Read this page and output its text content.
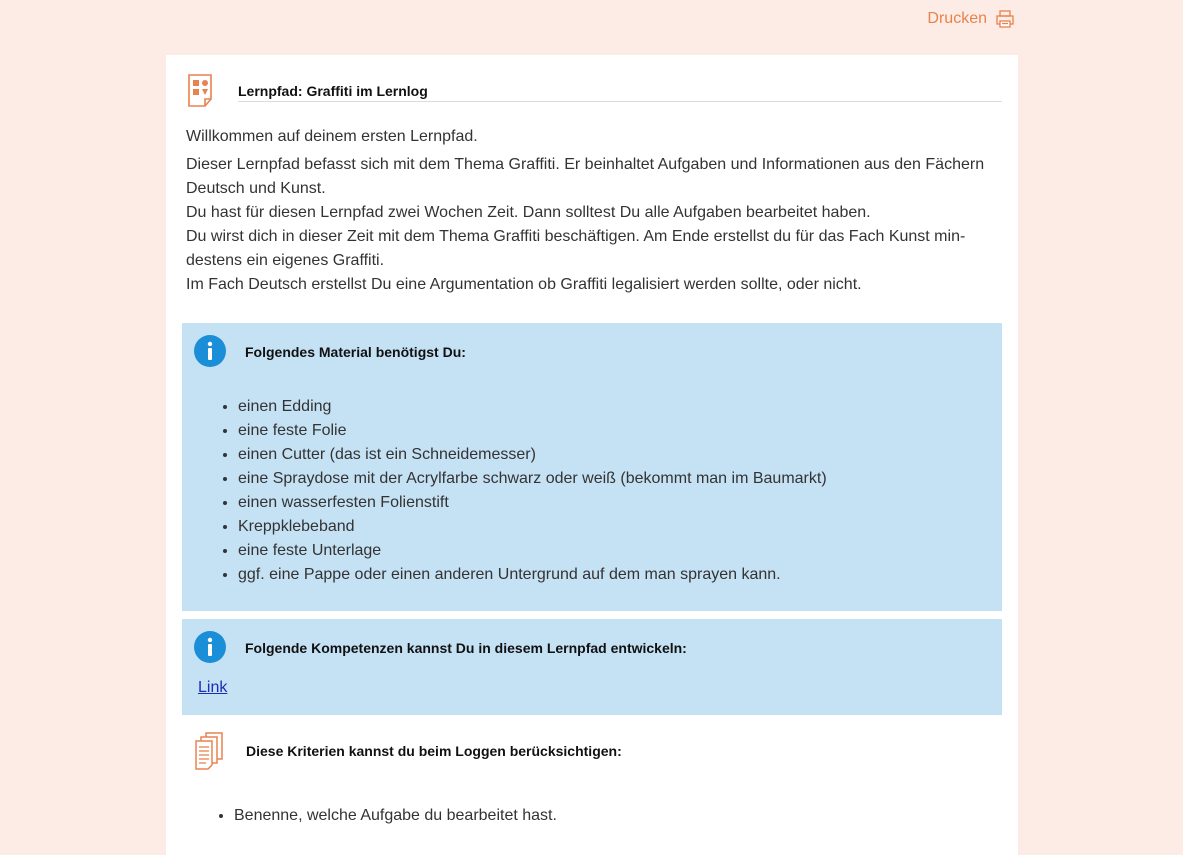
Drucken
Lernpfad: Graffiti im Lernlog

Willkommen auf deinem ersten Lernpfad.

Dieser Lernpfad befasst sich mit dem Thema Graffiti. Er beinhaltet Aufgaben und Informationen aus den Fächern Deutsch und Kunst.

Du hast für diesen Lernpfad zwei Wochen Zeit. Dann solltest Du alle Aufgaben bearbeitet haben.

Du wirst dich in dieser Zeit mit dem Thema Graffiti beschäftigen. Am Ende erstellst du für das Fach Kunst mindestens ein eigenes Graffiti.

Im Fach Deutsch erstellst Du eine Argumentation ob Graffiti legalisiert werden sollte, oder nicht.

Folgendes Material benötigst Du:
• einen Edding
• eine feste Folie
• einen Cutter (das ist ein Schneidemesser)
• eine Spraydose mit der Acrylfarbe schwarz oder weiß (bekommt man im Baumarkt)
• einen wasserfesten Folienstift
• Kreppklebeband
• eine feste Unterlage
• ggf. eine Pappe oder einen anderen Untergrund auf dem man sprayen kann.
Folgende Kompetenzen kannst Du in diesem Lernpfad entwickeln:
Link
Diese Kriterien kannst du beim Loggen berücksichtigen:
• Benenne, welche Aufgabe du bearbeitet hast.
